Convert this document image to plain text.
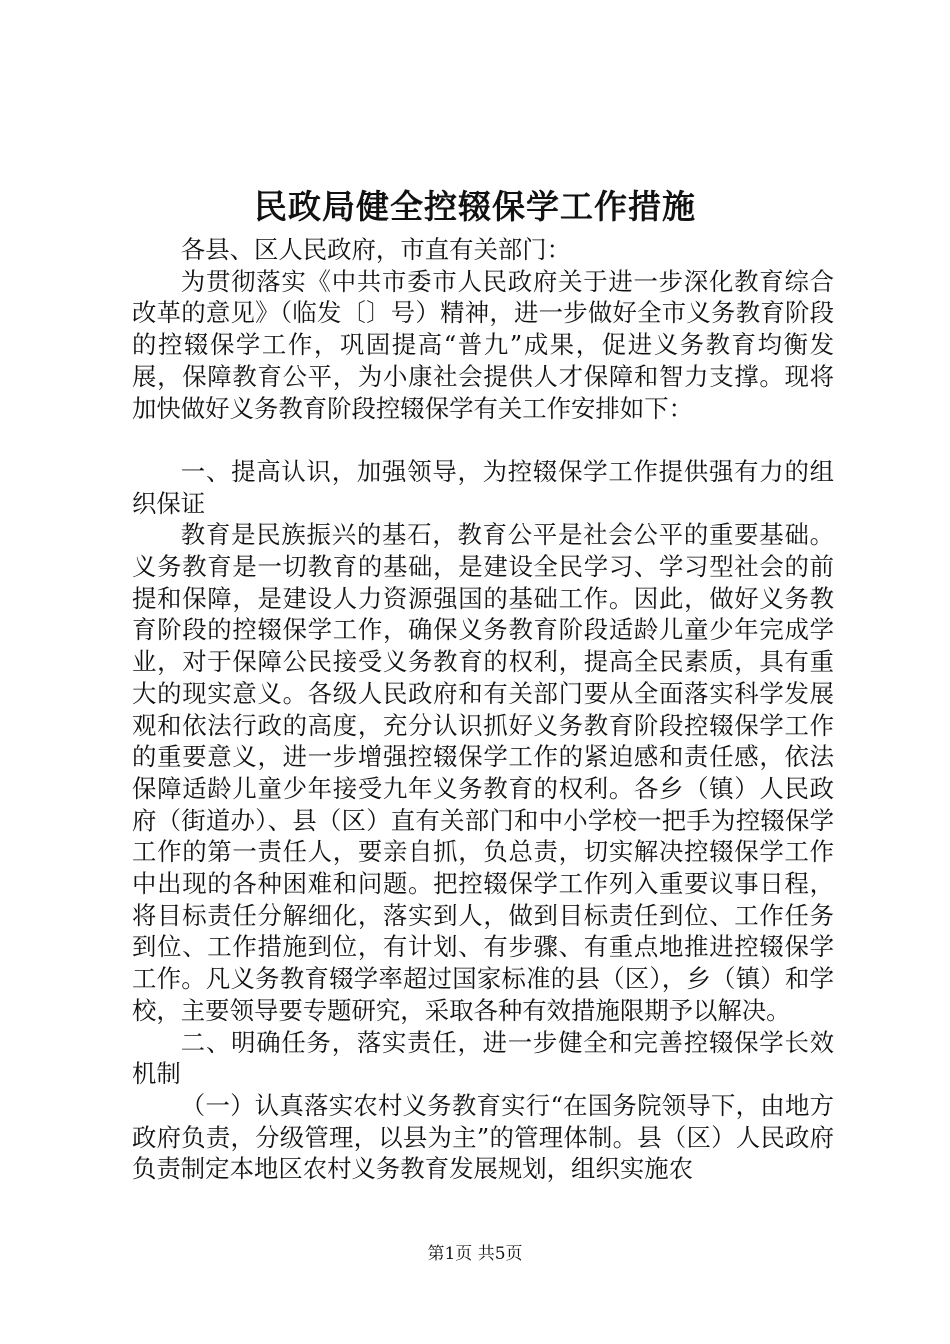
民政局健全控辍保学工作措施

各县、区人民政府，市直有关部门：

为贯彻落实《中共市委市人民政府关于进一步深化教育综合改革的意见》（临发〔〕号）精神，进一步做好全市义务教育阶段的控辍保学工作，巩固提高“普九”成果，促进义务教育均衡发展，保障教育公平，为小康社会提供人才保障和智力支撑。现将加快做好义务教育阶段控辍保学有关工作安排如下：

一、提高认识，加强领导，为控辍保学工作提供强有力的组织保证

教育是民族振兴的基石，教育公平是社会公平的重要基础。义务教育是一切教育的基础，是建设全民学习、学习型社会的前提和保障，是建设人力资源强国的基础工作。因此，做好义务教育阶段的控辍保学工作，确保义务教育阶段适龄儿童少年完成学业，对于保障公民接受义务教育的权利，提高全民素质，具有重大的现实意义。各级人民政府和有关部门要从全面落实科学发展观和依法行政的高度，充分认识抓好义务教育阶段控辍保学工作的重要意义，进一步增强控辍保学工作的紧迫感和责任感，依法保障适龄儿童少年接受九年义务教育的权利。各乡（镇）人民政府（街道办）、县（区）直有关部门和中小学校一把手为控辍保学工作的第一责任人，要亲自抓，负总责，切实解决控辍保学工作中出现的各种困难和问题。把控辍保学工作列入重要议事日程，将目标责任分解细化，落实到人，做到目标责任到位、工作任务到位、工作措施到位，有计划、有步骤、有重点地推进控辍保学工作。凡义务教育辍学率超过国家标准的县（区），乡（镇）和学校，主要领导要专题研究，采取各种有效措施限期予以解决。

二、明确任务，落实责任，进一步健全和完善控辍保学长效机制

（一）认真落实农村义务教育实行“在国务院领导下，由地方政府负责，分级管理，以县为主”的管理体制。县（区）人民政府负责制定本地区农村义务教育发展规划，组织实施农

第1页 共5页
